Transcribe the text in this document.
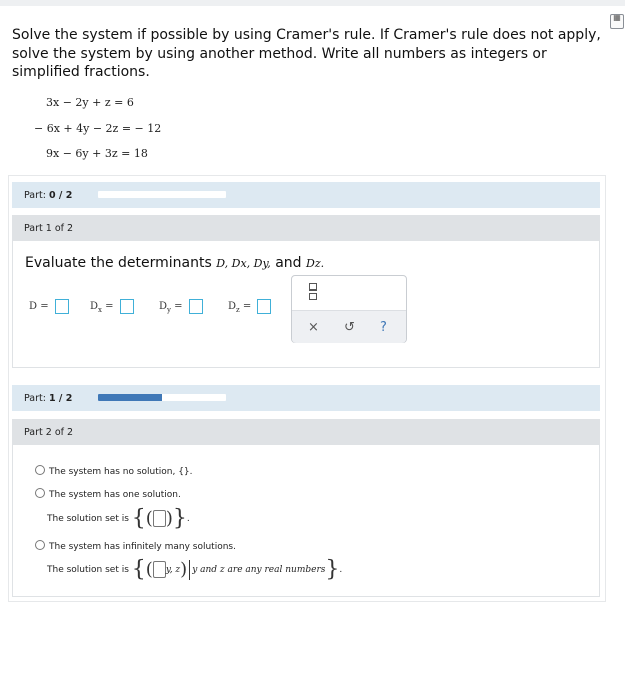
▦
Solve the system if possible by using Cramer's rule. If Cramer's rule does not apply, solve the system by using another method. Write all numbers as integers or simplified fractions.
3x − 2y + z = 6
− 6x + 4y − 2z = − 12
9x − 6y + 3z = 18
Part: 0 / 2
Part 1 of 2
Evaluate the determinants D, Dx, Dy, and Dz.
D =	$D_x$ =	$D_y$ =	$D_z$ =
× ↺ ?
Part: 1 / 2
Part 2 of 2
The system has no solution, {}.
The system has one solution.
The solution set is {( )}.
The system has infinitely many solutions.
The solution set is {( y, z) y and z are any real numbers}.
